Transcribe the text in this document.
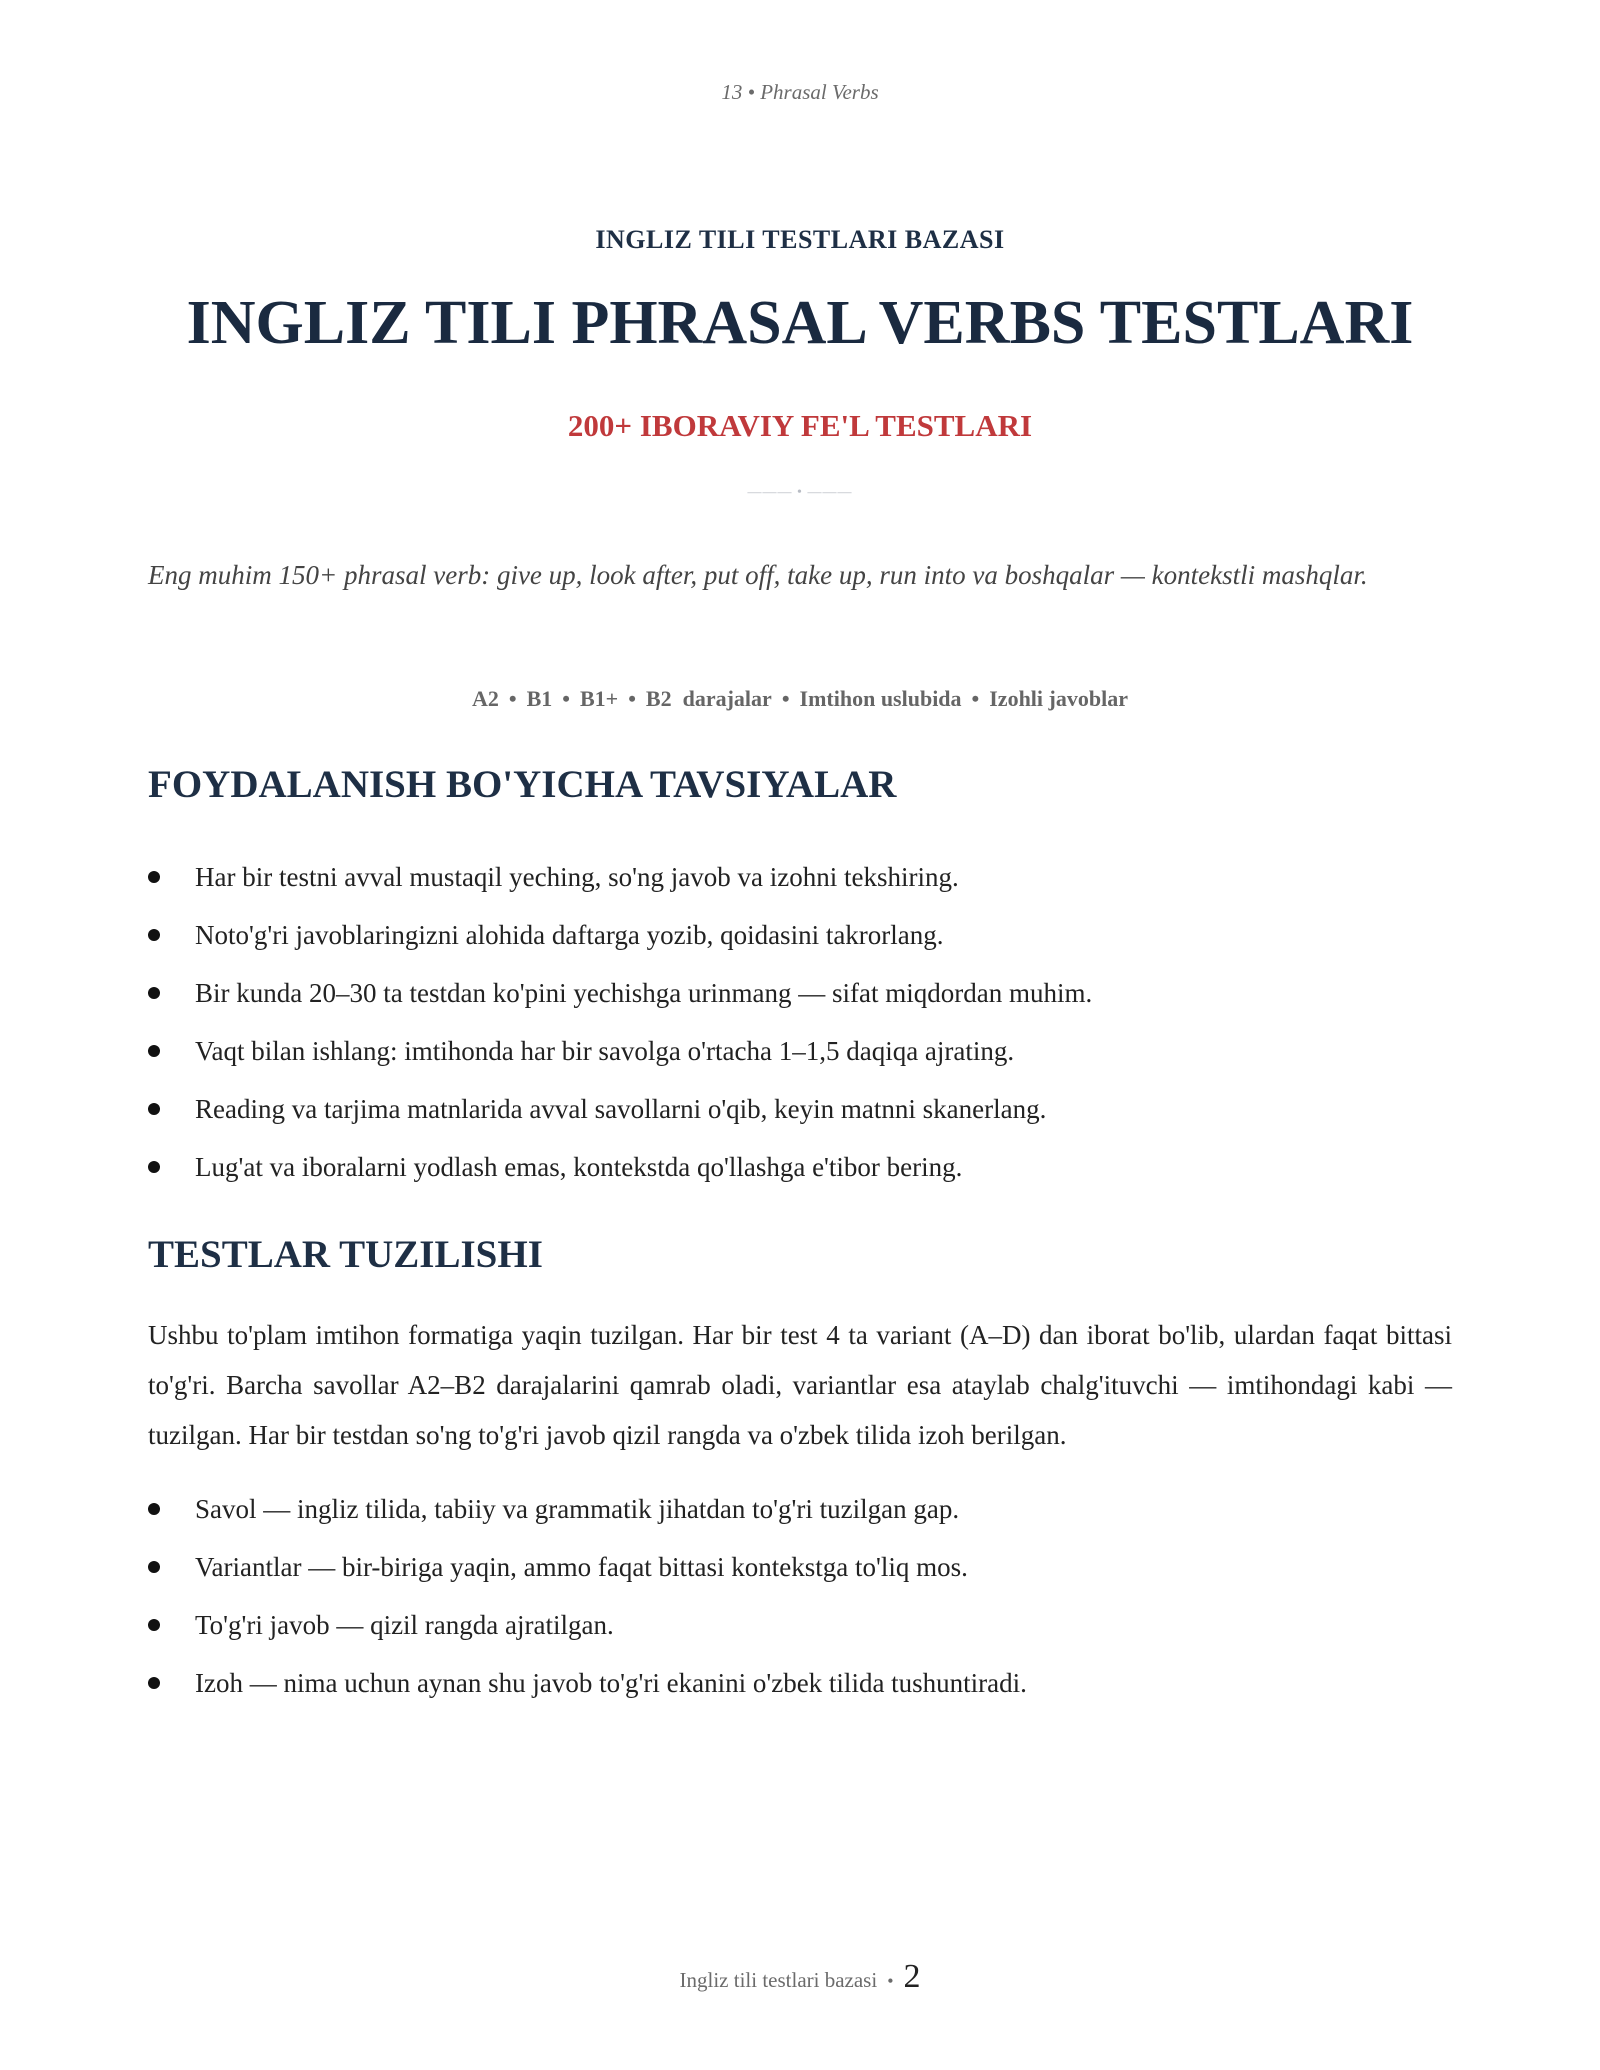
13 • Phrasal Verbs
INGLIZ TILI TESTLARI BAZASI
INGLIZ TILI PHRASAL VERBS TESTLARI
200+ IBORAVIY FE'L TESTLARI
——— • ———

Eng muhim 150+ phrasal verb: give up, look after, put off, take up, run into va boshqalar — kontekstli mashqlar.

A2 • B1 • B1+ • B2  darajalar • Imtihon uslubida • Izohli javoblar
FOYDALANISH BO'YICHA TAVSIYALAR
Har bir testni avval mustaqil yeching, so'ng javob va izohni tekshiring.
Noto'g'ri javoblaringizni alohida daftarga yozib, qoidasini takrorlang.
Bir kunda 20–30 ta testdan ko'pini yechishga urinmang — sifat miqdordan muhim.
Vaqt bilan ishlang: imtihonda har bir savolga o'rtacha 1–1,5 daqiqa ajrating.
Reading va tarjima matnlarida avval savollarni o'qib, keyin matnni skanerlang.
Lug'at va iboralarni yodlash emas, kontekstda qo'llashga e'tibor bering.
TESTLAR TUZILISHI

Ushbu to'plam imtihon formatiga yaqin tuzilgan. Har bir test 4 ta variant (A–D) dan iborat bo'lib, ulardan faqat bittasi to'g'ri. Barcha savollar A2–B2 darajalarini qamrab oladi, variantlar esa ataylab chalg'ituvchi — imtihondagi kabi — tuzilgan. Har bir testdan so'ng to'g'ri javob qizil rangda va o'zbek tilida izoh berilgan.

Savol — ingliz tilida, tabiiy va grammatik jihatdan to'g'ri tuzilgan gap.
Variantlar — bir-biriga yaqin, ammo faqat bittasi kontekstga to'liq mos.
To'g'ri javob — qizil rangda ajratilgan.
Izoh — nima uchun aynan shu javob to'g'ri ekanini o'zbek tilida tushuntiradi.
Ingliz tili testlari bazasi • 2
